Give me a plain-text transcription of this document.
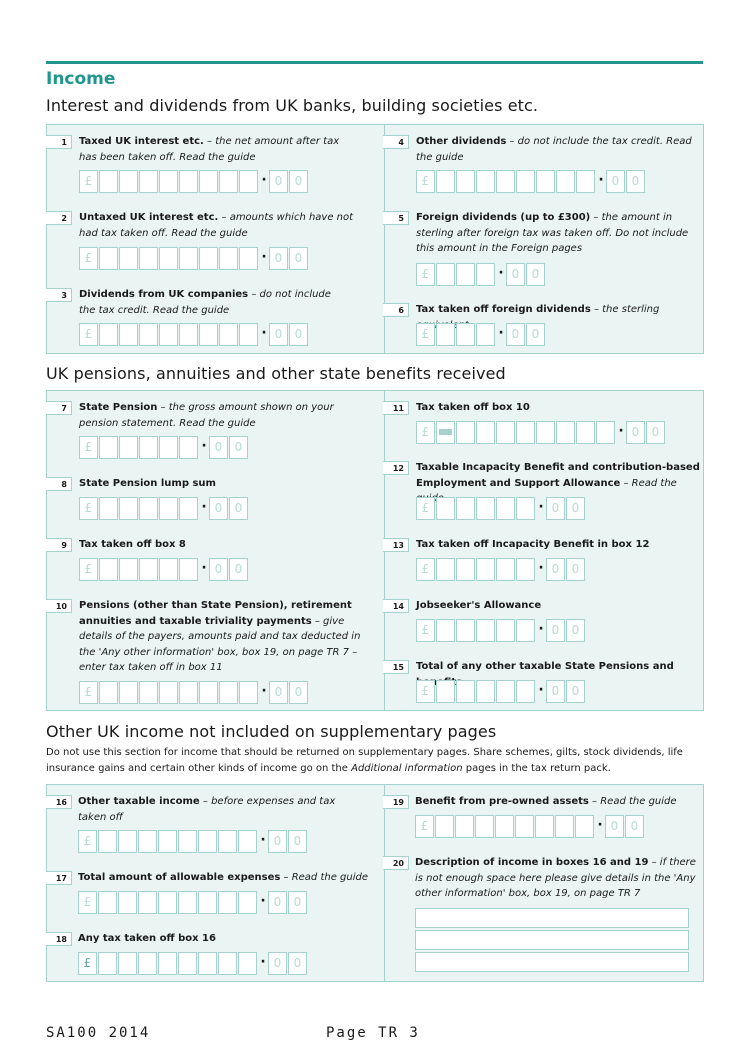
Income
Interest and dividends from UK banks, building societies etc.
UK pensions, annuities and other state benefits received
Other UK income not included on supplementary pages
Do not use this section for income that should be returned on supplementary pages. Share schemes, gilts, stock dividends, life insurance gains and certain other kinds of income go on the Additional information pages in the tax return pack.
1	Taxed UK interest etc. – the net amount after tax has been taken off. Read the guide
£	· 0	0
2	Untaxed UK interest etc. – amounts which have not had tax taken off. Read the guide
£	· 0	0
3	Dividends from UK companies – do not include the tax credit. Read the guide
£	· 0	0
4	Other dividends – do not include the tax credit. Read the guide
£	· 0	0
5	Foreign dividends (up to £300) – the amount in sterling after foreign tax was taken off. Do not include this amount in the Foreign pages
£	· 0	0
6	Tax taken off foreign dividends – the sterling
£	· 0	0
7	State Pension – the gross amount shown on your pension statement. Read the guide
£	· 0	0
8	State Pension lump sum
£	· 0	0
9	Tax taken off box 8
£	· 0	0
10	Pensions (other than State Pension), retirement annuities and taxable triviality payments – give details of the payers, amounts paid and tax deducted in the 'Any other information' box, box 19, on page TR 7 – enter tax taken off in box 11
£	· 0	0
11	Tax taken off box 10
£	· 0	0
12	Taxable Incapacity Benefit and contribution-based Employment and Support Allowance – Read the
£	· 0	0
13	Tax taken off Incapacity Benefit in box 12
£	· 0	0
14	Jobseeker's Allowance
£	· 0	0
15	Total of any other taxable State Pensions and
£	· 0	0
16	Other taxable income – before expenses and tax taken off
£	· 0	0
17	Total amount of allowable expenses – Read the guide
£	· 0	0
18	Any tax taken off box 16
£	· 0	0
19	Benefit from pre-owned assets – Read the guide
£	· 0	0
20	Description of income in boxes 16 and 19 – if there is not enough space here please give details in the 'Any other information' box, box 19, on page TR 7
SA100 2014	Page TR 3
